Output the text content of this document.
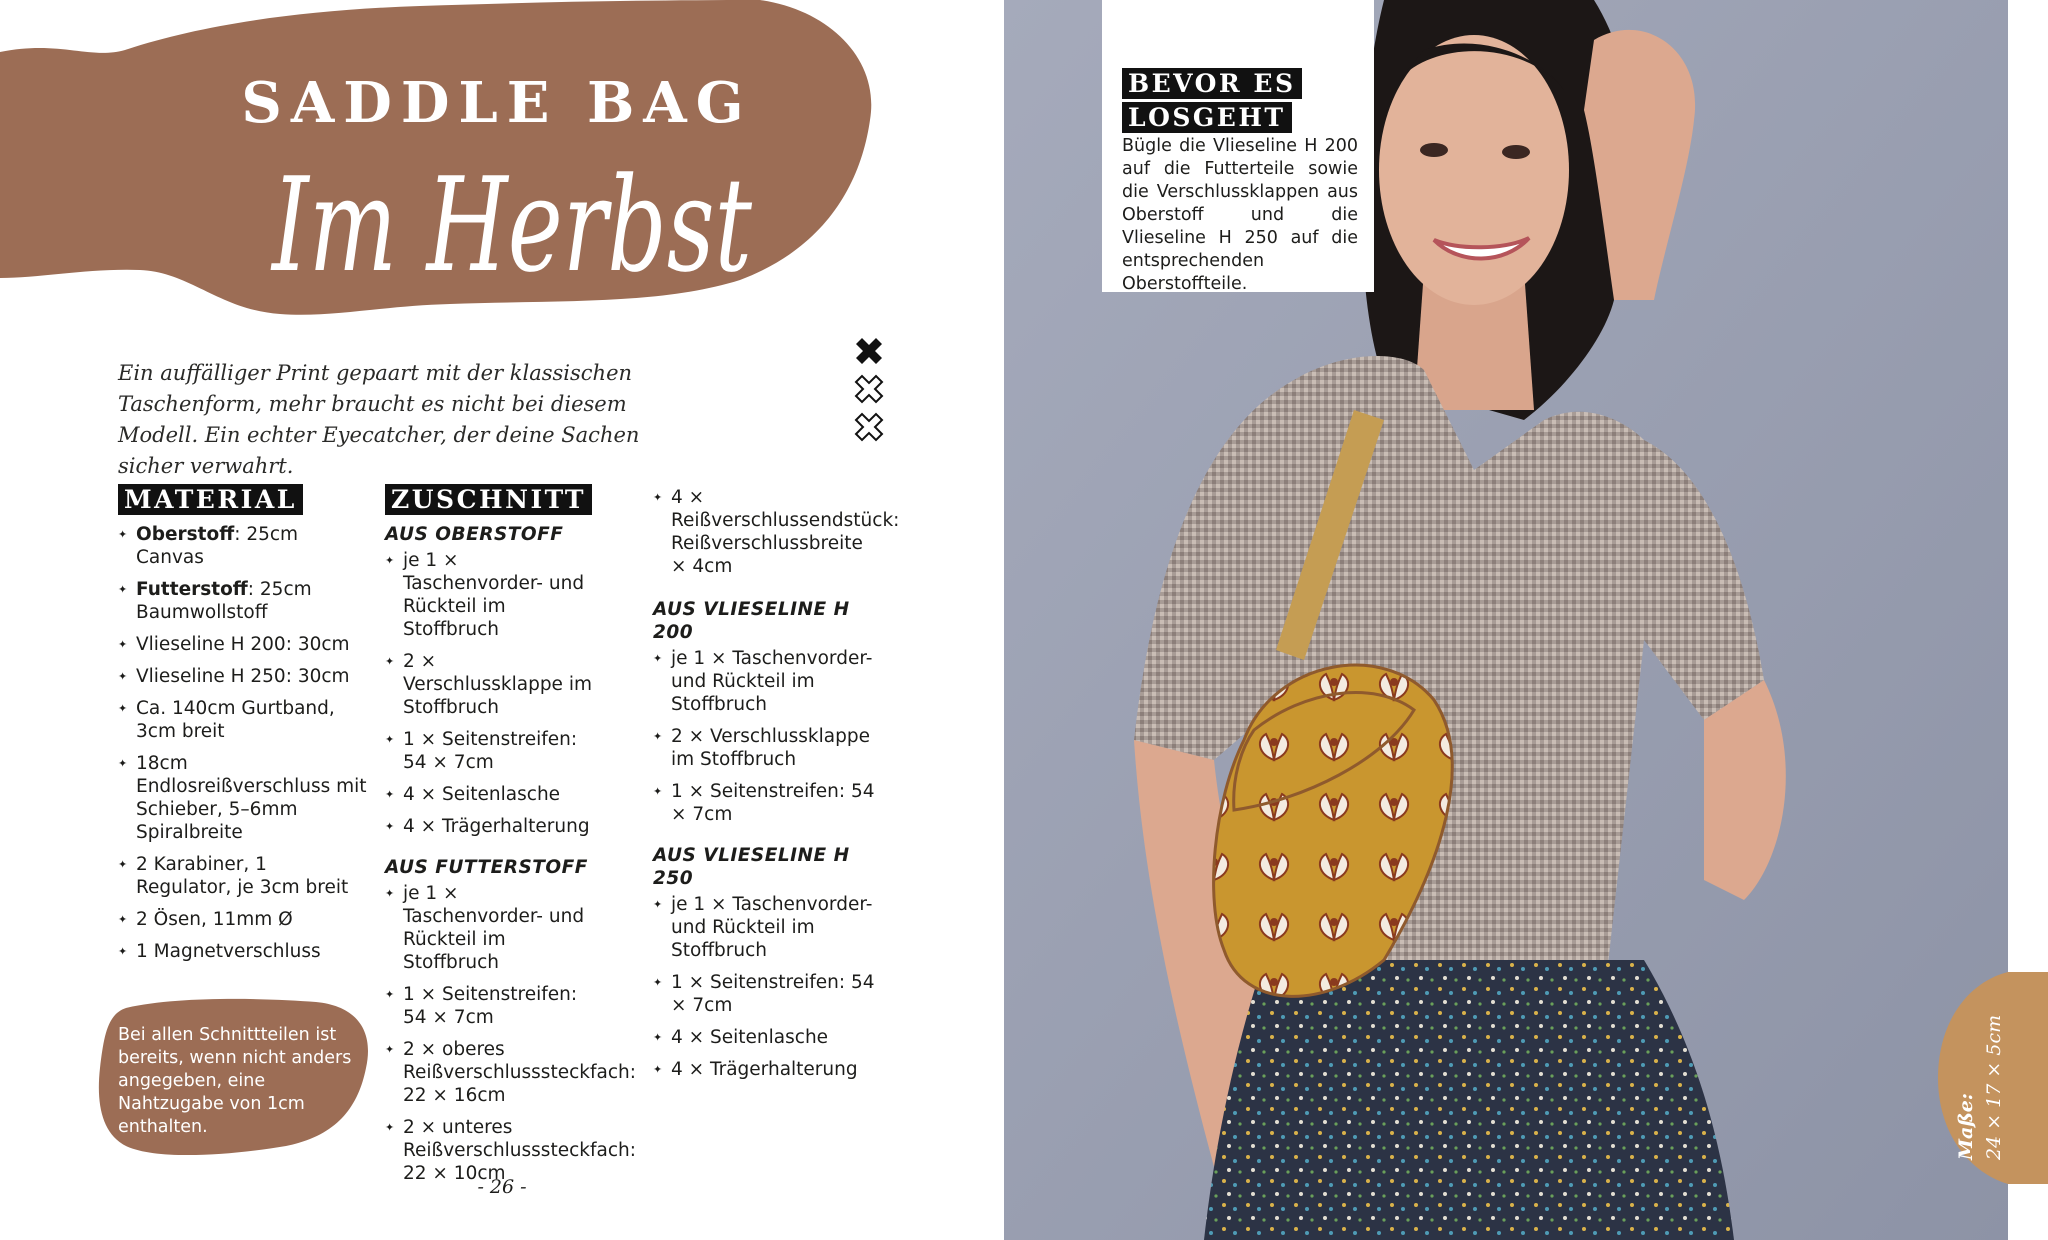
SADDLE BAG
Im Herbst
Ein auffälliger Print gepaart mit der klassischen Taschenform, mehr braucht es nicht bei diesem Modell. Ein echter Eyecatcher, der deine Sachen sicher verwahrt.
MATERIAL
✦ Oberstoff: 25cm Canvas
✦ Futterstoff: 25cm Baumwollstoff
✦ Vlieseline H 200: 30cm
✦ Vlieseline H 250: 30cm
✦ Ca. 140cm Gurtband, 3cm breit
✦ 18cm Endlosreißverschluss mit Schieber, 5–6mm Spiralbreite
✦ 2 Karabiner, 1 Regulator, je 3cm breit
✦ 2 Ösen, 11mm Ø
✦ 1 Magnetverschluss
ZUSCHNITT
AUS OBERSTOFF
✦ je 1 × Taschenvorder- und Rückteil im Stoffbruch
✦ 2 × Verschlussklappe im Stoffbruch
✦ 1 × Seitenstreifen: 54 × 7cm
✦ 4 × Seitenlasche
✦ 4 × Trägerhalterung
AUS FUTTERSTOFF
✦ je 1 × Taschenvorder- und Rückteil im Stoffbruch
✦ 1 × Seitenstreifen: 54 × 7cm
✦ 2 × oberes Reißverschlusssteckfach: 22 × 16cm
✦ 2 × unteres Reißverschlusssteckfach: 22 × 10cm
✦ 4 × Reißverschlussendstück: Reißverschlussbreite × 4cm
AUS VLIESELINE H 200
✦ je 1 × Taschenvorder- und Rückteil im Stoffbruch
✦ 2 × Verschlussklappe im Stoffbruch
✦ 1 × Seitenstreifen: 54 × 7cm
AUS VLIESELINE H 250
✦ je 1 × Taschenvorder- und Rückteil im Stoffbruch
✦ 1 × Seitenstreifen: 54 × 7cm
✦ 4 × Seitenlasche
✦ 4 × Trägerhalterung
Bei allen Schnittteilen ist bereits, wenn nicht anders angegeben, eine Nahtzugabe von 1cm enthalten.
- 26 -
BEVOR ES
LOSGEHT

Bügle die Vlieseline H 200 auf die Futterteile sowie die Verschlussklappen aus Oberstoff und die Vlieseline H 250 auf die entsprechenden Oberstoffteile.

Maße: 24 × 17 × 5cm
